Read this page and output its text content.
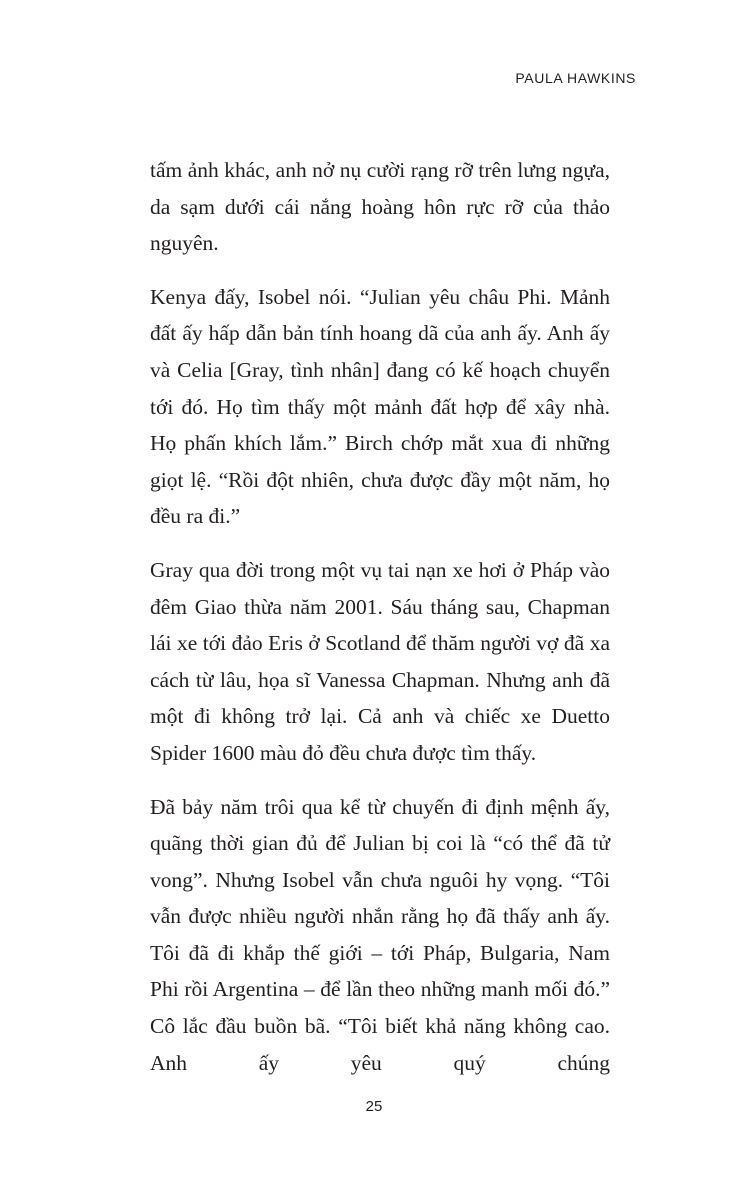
PAULA HAWKINS

tấm ảnh khác, anh nở nụ cười rạng rỡ trên lưng ngựa, da sạm dưới cái nắng hoàng hôn rực rỡ của thảo nguyên.

Kenya đấy, Isobel nói. “Julian yêu châu Phi. Mảnh đất ấy hấp dẫn bản tính hoang dã của anh ấy. Anh ấy và Celia [Gray, tình nhân] đang có kế hoạch chuyển tới đó. Họ tìm thấy một mảnh đất hợp để xây nhà. Họ phấn khích lắm.” Birch chớp mắt xua đi những giọt lệ. “Rồi đột nhiên, chưa được đầy một năm, họ đều ra đi.”

Gray qua đời trong một vụ tai nạn xe hơi ở Pháp vào đêm Giao thừa năm 2001. Sáu tháng sau, Chapman lái xe tới đảo Eris ở Scotland để thăm người vợ đã xa cách từ lâu, họa sĩ Vanessa Chapman. Nhưng anh đã một đi không trở lại. Cả anh và chiếc xe Duetto Spider 1600 màu đỏ đều chưa được tìm thấy.

Đã bảy năm trôi qua kể từ chuyến đi định mệnh ấy, quãng thời gian đủ để Julian bị coi là “có thể đã tử vong”. Nhưng Isobel vẫn chưa nguôi hy vọng. “Tôi vẫn được nhiều người nhắn rằng họ đã thấy anh ấy. Tôi đã đi khắp thế giới – tới Pháp, Bulgaria, Nam Phi rồi Argentina – để lần theo những manh mối đó.” Cô lắc đầu buồn bã. “Tôi biết khả năng không cao. Anh ấy yêu quý chúng

25
